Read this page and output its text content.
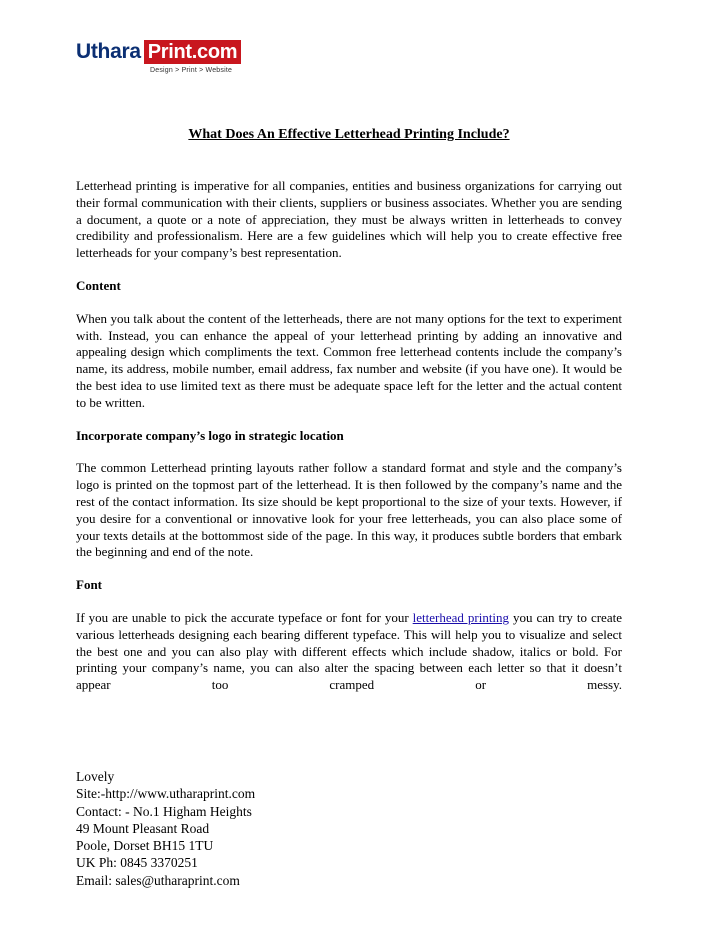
Uthara Print.com
Design > Print > Website
What Does An Effective Letterhead Printing Include?

Letterhead printing is imperative for all companies, entities and business organizations for carrying out their formal communication with their clients, suppliers or business associates. Whether you are sending a document, a quote or a note of appreciation, they must be always written in letterheads to convey credibility and professionalism. Here are a few guidelines which will help you to create effective free letterheads for your company’s best representation.

Content

When you talk about the content of the letterheads, there are not many options for the text to experiment with. Instead, you can enhance the appeal of your letterhead printing by adding an innovative and appealing design which compliments the text. Common free letterhead contents include the company’s name, its address, mobile number, email address, fax number and website (if you have one). It would be the best idea to use limited text as there must be adequate space left for the letter and the actual content to be written.

Incorporate company’s logo in strategic location

The common Letterhead printing layouts rather follow a standard format and style and the company’s logo is printed on the topmost part of the letterhead. It is then followed by the company’s name and the rest of the contact information. Its size should be kept proportional to the size of your texts. However, if you desire for a conventional or innovative look for your free letterheads, you can also place some of your texts details at the bottommost side of the page. In this way, it produces subtle borders that embark the beginning and end of the note.

Font

If you are unable to pick the accurate typeface or font for your letterhead printing you can try to create various letterheads designing each bearing different typeface. This will help you to visualize and select the best one and you can also play with different effects which include shadow, italics or bold. For printing your company’s name, you can also alter the spacing between each letter so that it doesn’t appear too cramped or messy.

Lovely
Site:-http://www.utharaprint.com
Contact: - No.1 Higham Heights
49 Mount Pleasant Road
Poole, Dorset BH15 1TU
UK Ph: 0845 3370251
Email: sales@utharaprint.com
